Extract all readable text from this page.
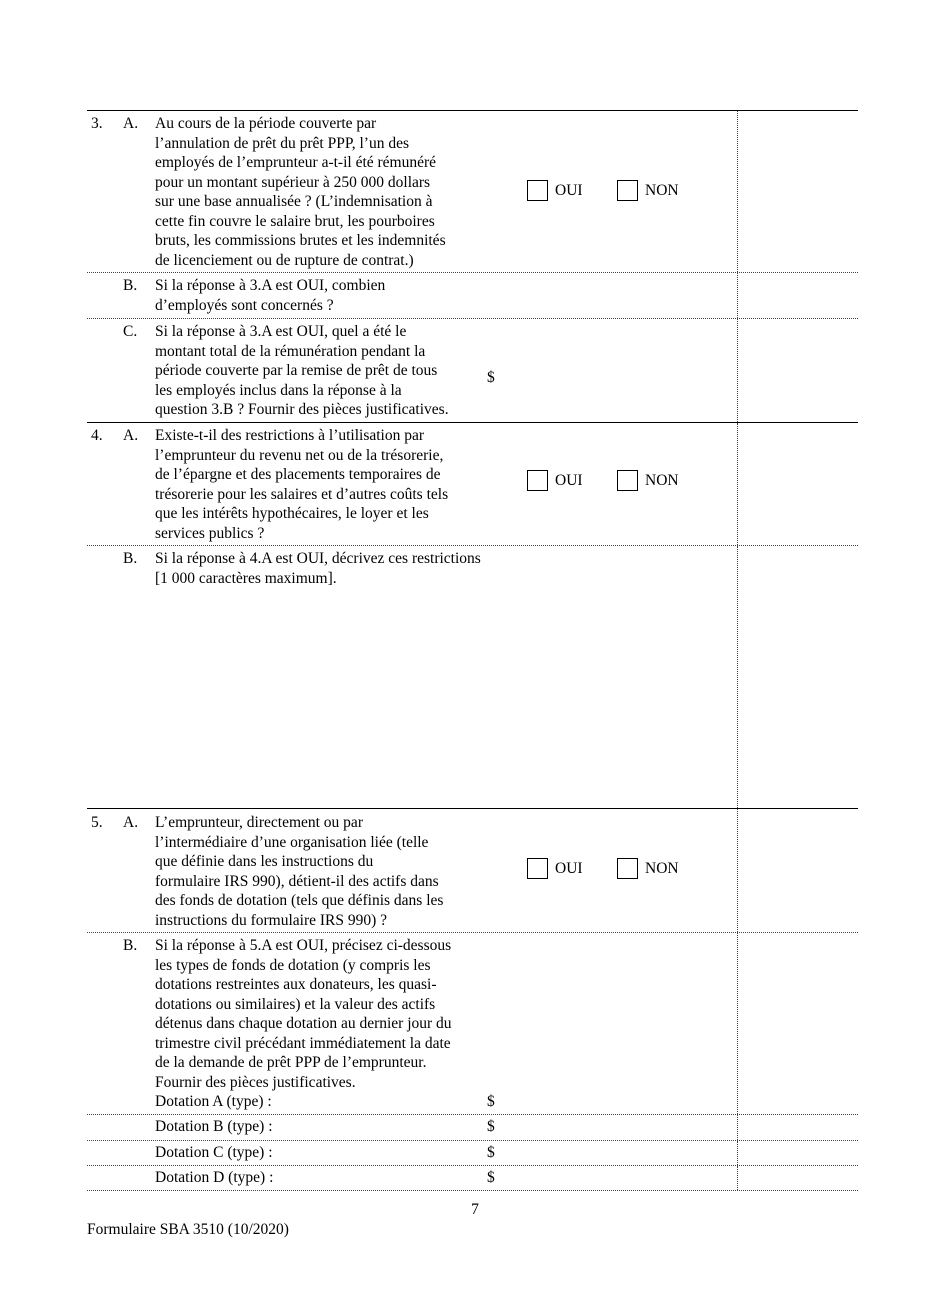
3. A. Au cours de la période couverte par
l’annulation de prêt du prêt PPP, l’un des
employés de l’emprunteur a-t-il été rémunéré
pour un montant supérieur à 250 000 dollars
sur une base annualisée ? (L’indemnisation à
cette fin couvre le salaire brut, les pourboires
bruts, les commissions brutes et les indemnités
de licenciement ou de rupture de contrat.)
OUI	NON
B. Si la réponse à 3.A est OUI, combien
d’employés sont concernés ?
C. Si la réponse à 3.A est OUI, quel a été le
montant total de la rémunération pendant la
période couverte par la remise de prêt de tous
les employés inclus dans la réponse à la
question 3.B ? Fournir des pièces justificatives.
$
4. A. Existe-t-il des restrictions à l’utilisation par
l’emprunteur du revenu net ou de la trésorerie,
de l’épargne et des placements temporaires de
trésorerie pour les salaires et d’autres coûts tels
que les intérêts hypothécaires, le loyer et les
services publics ?
OUI	NON
B. Si la réponse à 4.A est OUI, décrivez ces restrictions
[1 000 caractères maximum].
5. A. L’emprunteur, directement ou par
l’intermédiaire d’une organisation liée (telle
que définie dans les instructions du
formulaire IRS 990), détient-il des actifs dans
des fonds de dotation (tels que définis dans les
instructions du formulaire IRS 990) ?
OUI	NON
B. Si la réponse à 5.A est OUI, précisez ci-dessous
les types de fonds de dotation (y compris les
dotations restreintes aux donateurs, les quasi-
dotations ou similaires) et la valeur des actifs
détenus dans chaque dotation au dernier jour du
trimestre civil précédant immédiatement la date
de la demande de prêt PPP de l’emprunteur.
Fournir des pièces justificatives.
Dotation A (type) :	$
Dotation B (type) :	$
Dotation C (type) :	$
Dotation D (type) :	$
7
Formulaire SBA 3510 (10/2020)
